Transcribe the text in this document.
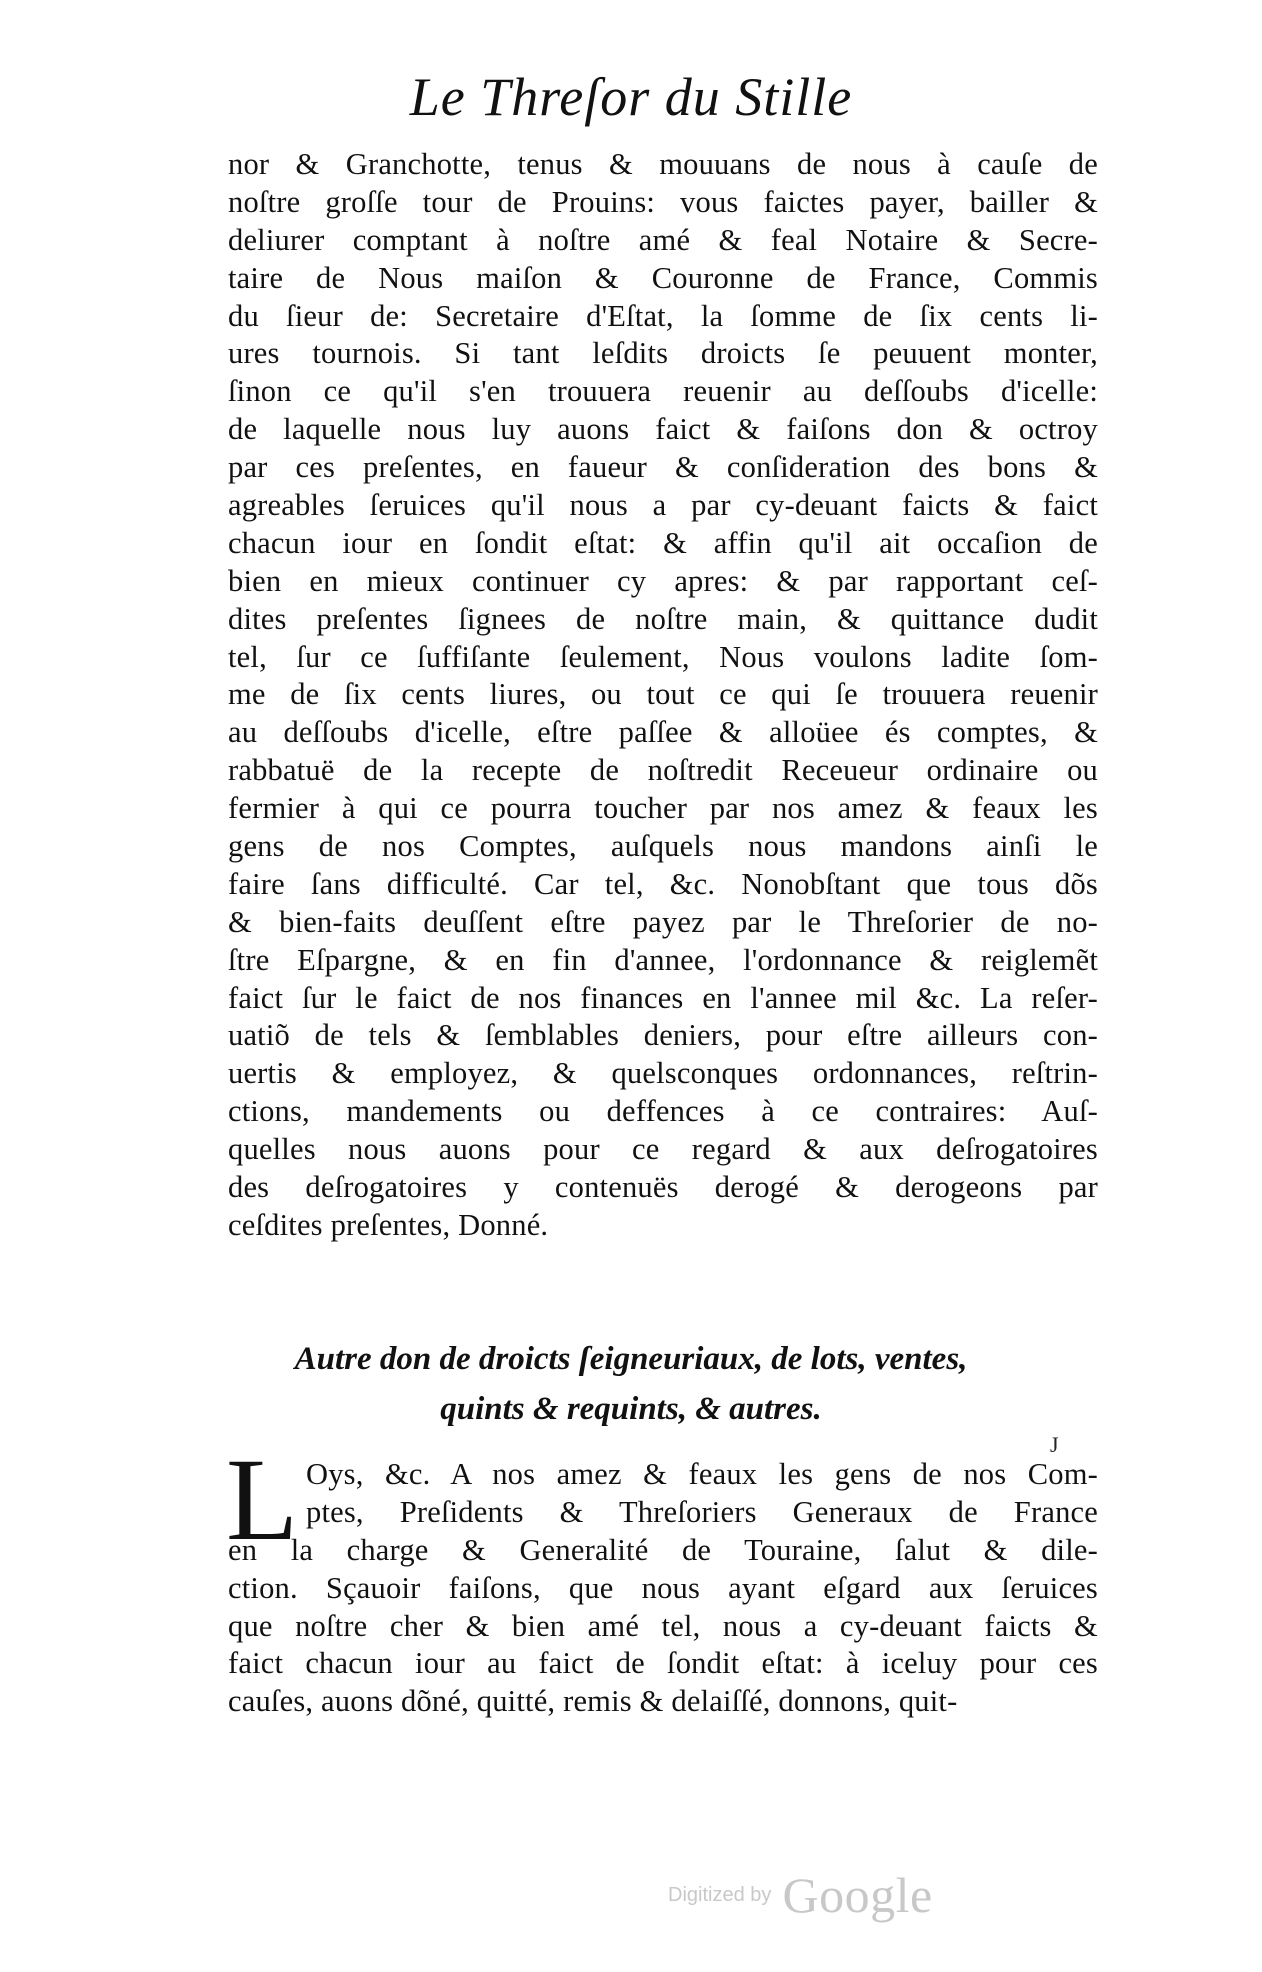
Le Threſor du Stille
nor & Granchotte, tenus & mouuans de nous à cauſe de
noſtre groſſe tour de Prouins: vous faictes payer, bailler &
deliurer comptant à noſtre amé & feal Notaire & Secre-
taire de Nous maiſon & Couronne de France, Commis
du ſieur de: Secretaire d'Eſtat, la ſomme de ſix cents li-
ures tournois. Si tant leſdits droicts ſe peuuent monter,
ſinon ce qu'il s'en trouuera reuenir au deſſoubs d'icelle:
de laquelle nous luy auons faict & faiſons don & octroy
par ces preſentes, en faueur & conſideration des bons &
agreables ſeruices qu'il nous a par cy-deuant faicts & faict
chacun iour en ſondit eſtat: & affin qu'il ait occaſion de
bien en mieux continuer cy apres: & par rapportant ceſ-
dites preſentes ſignees de noſtre main, & quittance dudit
tel, ſur ce ſuffiſante ſeulement, Nous voulons ladite ſom-
me de ſix cents liures, ou tout ce qui ſe trouuera reuenir
au deſſoubs d'icelle, eſtre paſſee & alloüee és comptes, &
rabbatuë de la recepte de noſtredit Receueur ordinaire ou
fermier à qui ce pourra toucher par nos amez & feaux les
gens de nos Comptes, auſquels nous mandons ainſi le
faire ſans difficulté. Car tel, &c. Nonobſtant que tous dõs
& bien-faits deuſſent eſtre payez par le Threſorier de no-
ſtre Eſpargne, & en fin d'annee, l'ordonnance & reiglemẽt
faict ſur le faict de nos finances en l'annee mil &c. La reſer-
uatiõ de tels & ſemblables deniers, pour eſtre ailleurs con-
uertis & employez, & quelsconques ordonnances, reſtrin-
ctions, mandements ou deffences à ce contraires: Auſ-
quelles nous auons pour ce regard & aux deſrogatoires
des deſrogatoires y contenuës derogé & derogeons par
ceſdites preſentes, Donné.
Autre don de droicts ſeigneuriaux, de lots, ventes,
quints & requints, & autres.
J
L Oys, &c. A nos amez & feaux les gens de nos Com-
ptes, Preſidents & Threſoriers Generaux de France
en la charge & Generalité de Touraine, ſalut & dile-
ction. Sçauoir faiſons, que nous ayant eſgard aux ſeruices
que noſtre cher & bien amé tel, nous a cy-deuant faicts &
faict chacun iour au faict de ſondit eſtat: à iceluy pour ces
cauſes, auons dõné, quitté, remis & delaiſſé, donnons, quit-
Digitized by Google
